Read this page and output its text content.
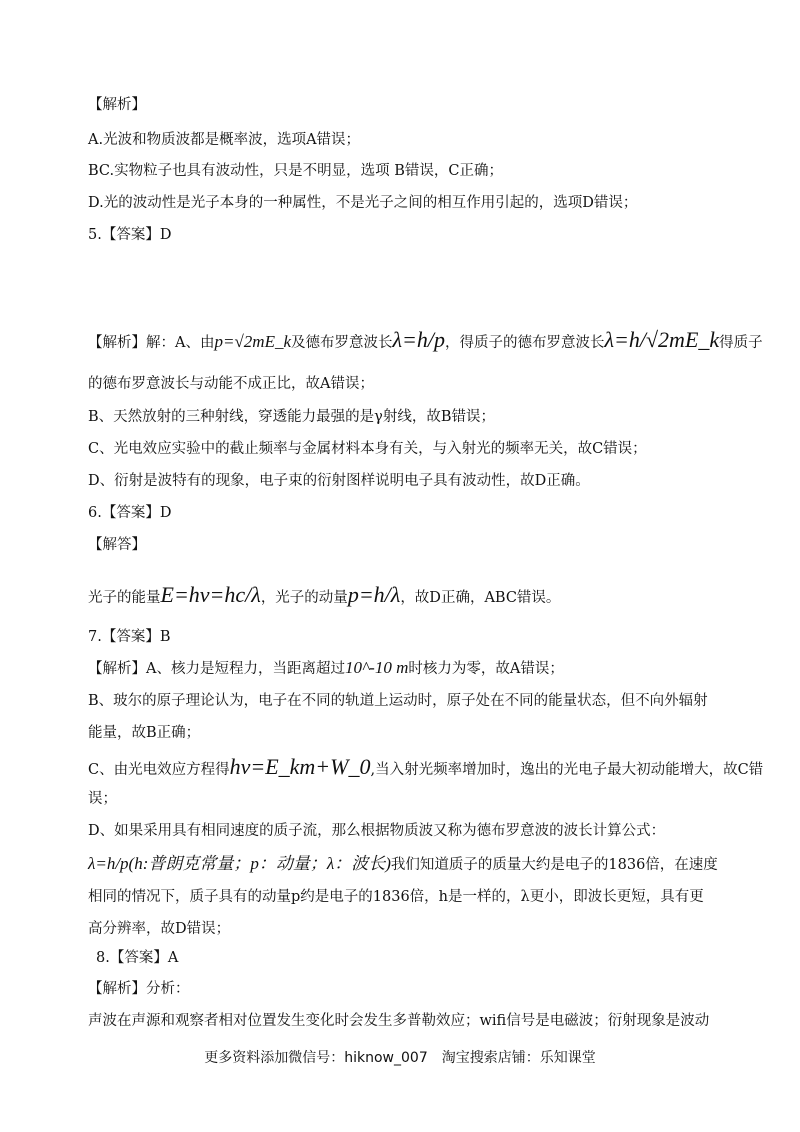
【解析】
A.光波和物质波都是概率波，选项A错误；
BC.实物粒子也具有波动性，只是不明显，选项 B错误，C正确；
D.光的波动性是光子本身的一种属性，不是光子之间的相互作用引起的，选项D错误；
5.【答案】D
【解析】解：A、由p=√2mE_k及德布罗意波长λ=h/p，得质子的德布罗意波长λ=h/√2mE_k得质子
的德布罗意波长与动能不成正比，故A错误；
B、天然放射的三种射线，穿透能力最强的是γ射线，故B错误；
C、光电效应实验中的截止频率与金属材料本身有关，与入射光的频率无关，故C错误；
D、衍射是波特有的现象，电子束的衍射图样说明电子具有波动性，故D正确。
6.【答案】D
【解答】
光子的能量E=hν=hc/λ，光子的动量p=h/λ，故D正确，ABC错误。
7.【答案】B
【解析】A、核力是短程力，当距离超过10^-10 m时核力为零，故A错误；
B、玻尔的原子理论认为，电子在不同的轨道上运动时，原子处在不同的能量状态，但不向外辐射
能量，故B正确；
C、由光电效应方程得hν=E_km+W_0,当入射光频率增加时，逸出的光电子最大初动能增大，故C错
误；
D、如果采用具有相同速度的质子流，那么根据物质波又称为德布罗意波的波长计算公式：
λ=h/p(h:普朗克常量；p：动量；λ：波长)我们知道质子的质量大约是电子的1836倍，在速度
相同的情况下，质子具有的动量p约是电子的1836倍，h是一样的，λ更小，即波长更短，具有更
高分辨率，故D错误；
8.【答案】A
【解析】分析：
声波在声源和观察者相对位置发生变化时会发生多普勒效应；wifi信号是电磁波；衍射现象是波动
更多资料添加微信号：hiknow_007　淘宝搜索店铺：乐知课堂
